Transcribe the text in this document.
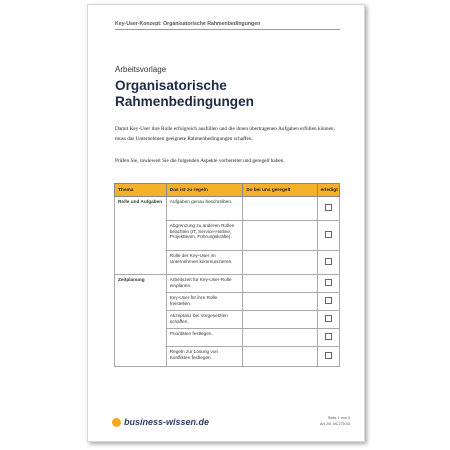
Key-User-Konzept: Organisatorische Rahmenbedingungen
Arbeitsvorlage
Organisatorische Rahmenbedingungen
Damit Key-User ihre Rolle erfolgreich ausfüllen und die ihnen übertragenen Aufgaben erfüllen können, muss das Unternehmen geeignete Rahmenbedingungen schaffen.
Prüfen Sie, inwieweit Sie die folgenden Aspekte vorbereitet und geregelt haben.
Thema	Das ist zu regeln	So bei uns geregelt	erledigt
Rolle und Aufgaben	Aufgaben genau beschreiben.		
	Abgrenzung zu anderen Rollen beachten (IT, Service-Hotline, Projektteam, Führungskräfte).		
	Rolle der Key-User im Unternehmen kommunizieren.		
Zeitplanung	Arbeitszeit für Key-User-Rolle einplanen.		
	Key-User für ihre Rolle freistellen.		
	Akzeptanz bei Vorgesetzten schaffen.		
	Prioritäten festlegen.		
	Regeln zur Lösung von Konflikten festlegen.		
business-wissen.de	Seite 1 von 3
Art.-Nr. 06.275.03
